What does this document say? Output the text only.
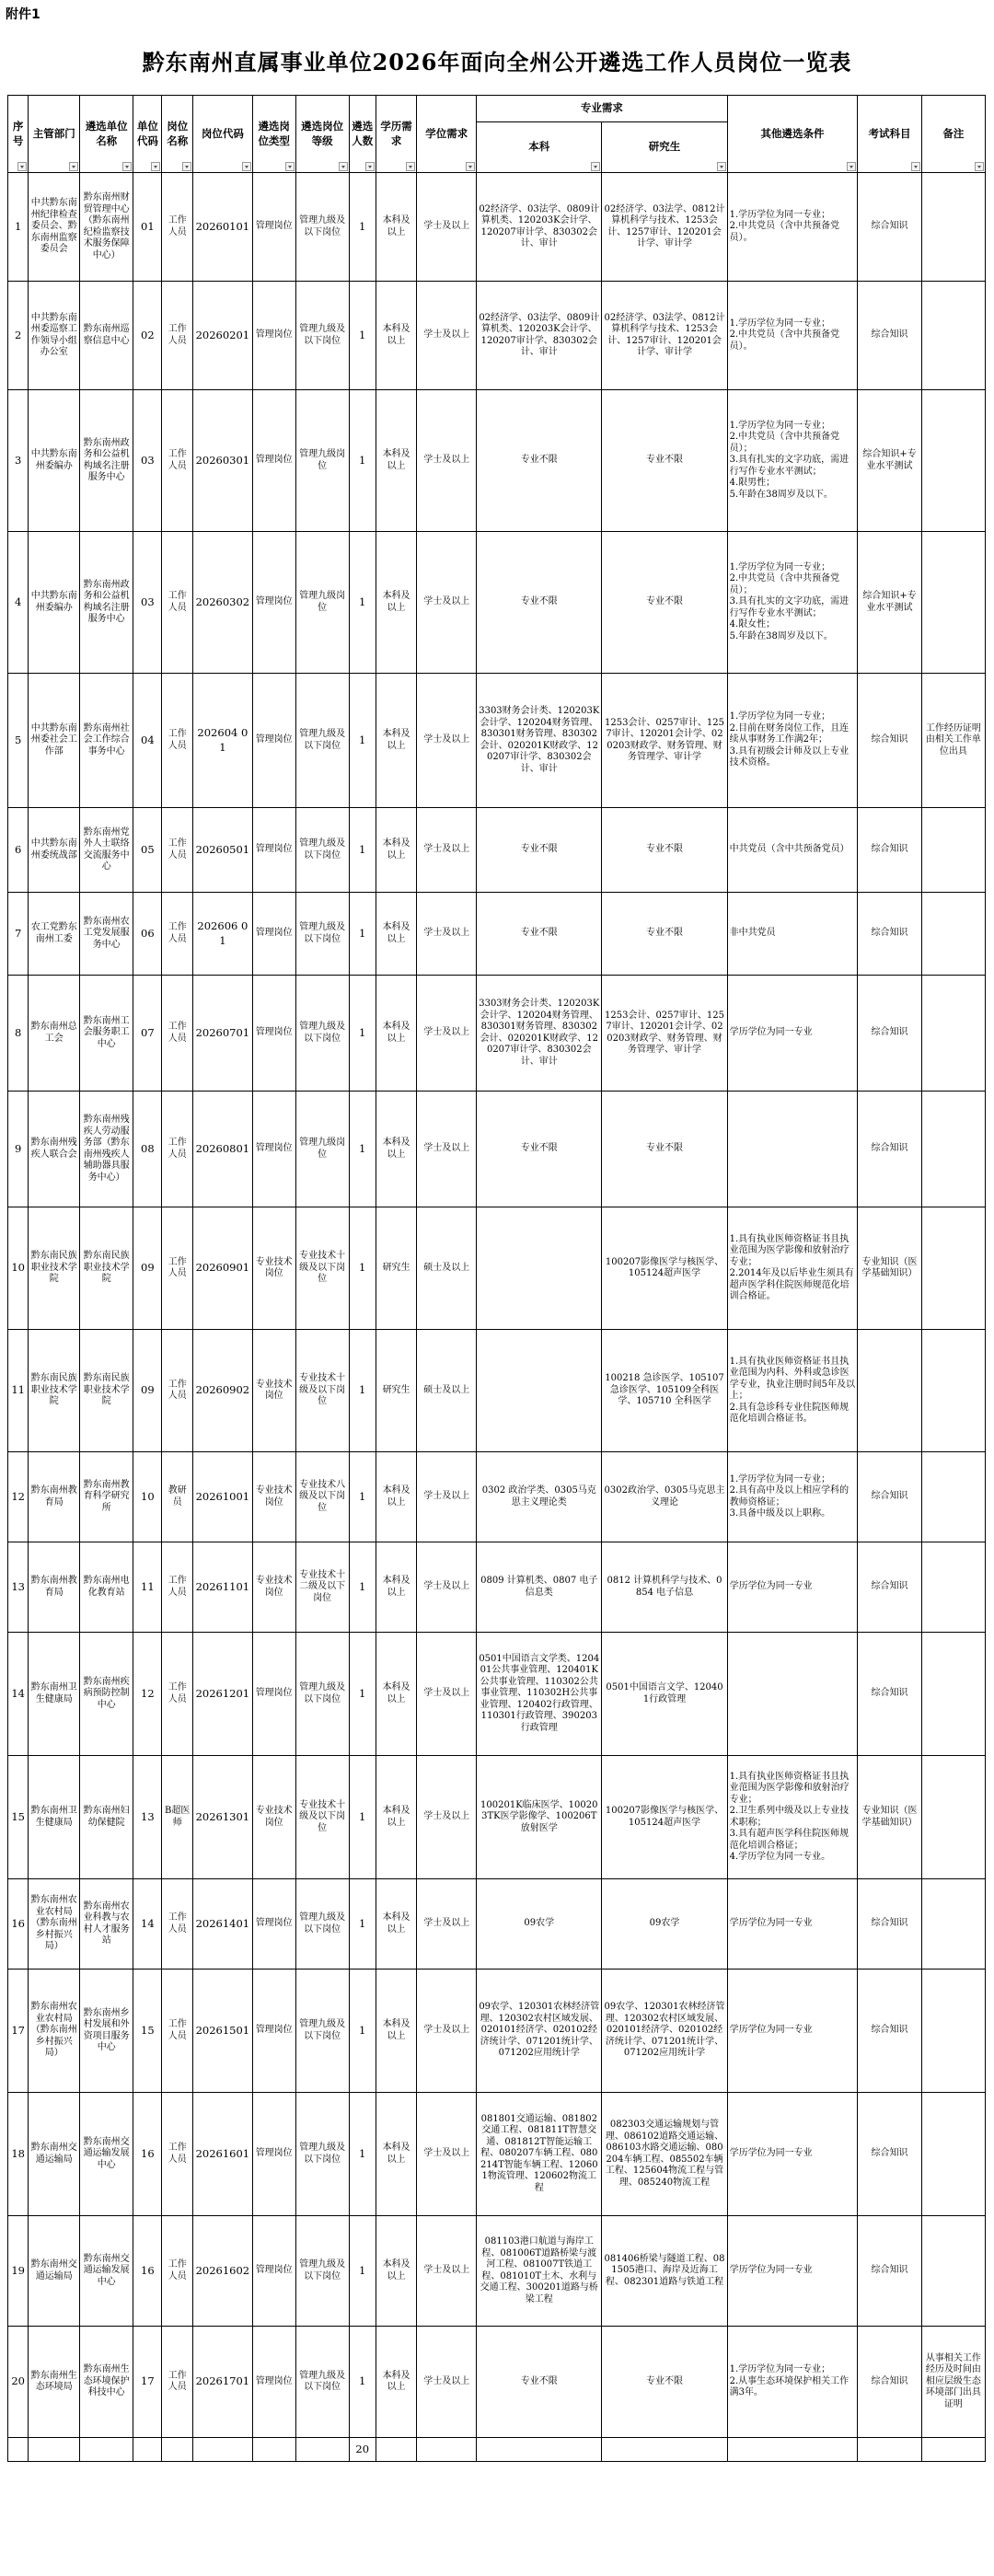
附件1
黔东南州直属事业单位2026年面向全州公开遴选工作人员岗位一览表
序号	主管部门	遴选单位名称	单位代码	岗位名称	岗位代码	遴选岗位类型	遴选岗位等级	遴选人数	学历需求	学位需求	专业需求		其他遴选条件	考试科目	备注

											本科	研究生			

1	中共黔东南州纪律检查委员会、黔东南州监察委员会	黔东南州财贸管理中心（黔东南州纪检监察技术服务保障中心）	01	工作人员	20260101	管理岗位	管理九级及以下岗位	1	本科及以上	学士及以上	02经济学、03法学、0809计算机类、120203K会计学、120207审计学、830302会计、审计	02经济学、03法学、0812计算机科学与技术、1253会计、1257审计、120201会计学、审计学	1.学历学位为同一专业；
2.中共党员（含中共预备党员）。	综合知识	
2	中共黔东南州委巡察工作领导小组办公室	黔东南州巡察信息中心	02	工作人员	20260201	管理岗位	管理九级及以下岗位	1	本科及以上	学士及以上	02经济学、03法学、0809计算机类、120203K会计学、120207审计学、830302会计、审计	02经济学、03法学、0812计算机科学与技术、1253会计、1257审计、120201会计学、审计学	1.学历学位为同一专业；
2.中共党员（含中共预备党员）。	综合知识	
3	中共黔东南州委编办	黔东南州政务和公益机构域名注册服务中心	03	工作人员	20260301	管理岗位	管理九级岗位	1	本科及以上	学士及以上	专业不限	专业不限	1.学历学位为同一专业；
2.中共党员（含中共预备党员）；
3.具有扎实的文字功底，需进行写作专业水平测试；
4.限男性；
5.年龄在38周岁及以下。	综合知识+专业水平测试	
4	中共黔东南州委编办	黔东南州政务和公益机构域名注册服务中心	03	工作人员	20260302	管理岗位	管理九级岗位	1	本科及以上	学士及以上	专业不限	专业不限	1.学历学位为同一专业；
2.中共党员（含中共预备党员）；
3.具有扎实的文字功底，需进行写作专业水平测试；
4.限女性；
5.年龄在38周岁及以下。	综合知识+专业水平测试	
5	中共黔东南州委社会工作部	黔东南州社会工作综合事务中心	04	工作人员	202604 01	管理岗位	管理九级及以下岗位	1	本科及以上	学士及以上	3303财务会计类、120203K会计学、120204财务管理、830301财务管理、830302会计、020201K财政学、120207审计学、830302会计、审计	1253会计、0257审计、1257审计、120201会计学、020203财政学、财务管理、财务管理学、审计学	1.学历学位为同一专业；
2.目前在财务岗位工作，且连续从事财务工作满2年；
3.具有初级会计师及以上专业技术资格。	综合知识	工作经历证明由相关工作单位出具
6	中共黔东南州委统战部	黔东南州党外人士联络交流服务中心	05	工作人员	20260501	管理岗位	管理九级及以下岗位	1	本科及以上	学士及以上	专业不限	专业不限	中共党员（含中共预备党员）	综合知识	
7	农工党黔东南州工委	黔东南州农工党发展服务中心	06	工作人员	202606 01	管理岗位	管理九级及以下岗位	1	本科及以上	学士及以上	专业不限	专业不限	非中共党员	综合知识	
8	黔东南州总工会	黔东南州工会服务职工中心	07	工作人员	20260701	管理岗位	管理九级及以下岗位	1	本科及以上	学士及以上	3303财务会计类、120203K会计学、120204财务管理、830301财务管理、830302会计、020201K财政学、120207审计学、830302会计、审计	1253会计、0257审计、1257审计、120201会计学、020203财政学、财务管理、财务管理学、审计学	学历学位为同一专业	综合知识	
9	黔东南州残疾人联合会	黔东南州残疾人劳动服务部（黔东南州残疾人辅助器具服务中心）	08	工作人员	20260801	管理岗位	管理九级岗位	1	本科及以上	学士及以上	专业不限	专业不限		综合知识	
10	黔东南民族职业技术学院	黔东南民族职业技术学院	09	工作人员	20260901	专业技术岗位	专业技术十级及以下岗位	1	研究生	硕士及以上		100207影像医学与核医学、105124超声医学	1.具有执业医师资格证书且执业范围为医学影像和放射治疗专业；
2.2014年及以后毕业生须具有超声医学科住院医师规范化培训合格证。	专业知识（医学基础知识）	
11	黔东南民族职业技术学院	黔东南民族职业技术学院	09	工作人员	20260902	专业技术岗位	专业技术十级及以下岗位	1	研究生	硕士及以上		100218 急诊医学、105107 急诊医学、105109全科医学、105710 全科医学	1.具有执业医师资格证书且执业范围为内科、外科或急诊医学专业，执业注册时间5年及以上；
2.具有急诊科专业住院医师规范化培训合格证书。		
12	黔东南州教育局	黔东南州教育科学研究所	10	教研员	20261001	专业技术岗位	专业技术八级及以下岗位	1	本科及以上	学士及以上	0302 政治学类、0305马克思主义理论类	0302政治学、0305马克思主义理论	1.学历学位为同一专业；
2.具有高中及以上相应学科的教师资格证；
3.具备中级及以上职称。	综合知识	
13	黔东南州教育局	黔东南州电化教育站	11	工作人员	20261101	专业技术岗位	专业技术十二级及以下岗位	1	本科及以上	学士及以上	0809 计算机类、0807 电子信息类	0812 计算机科学与技术、0854 电子信息	学历学位为同一专业	综合知识	
14	黔东南州卫生健康局	黔东南州疾病预防控制中心	12	工作人员	20261201	管理岗位	管理九级及以下岗位	1	本科及以上	学士及以上	0501中国语言文学类、120401公共事业管理、120401K公共事业管理、110302公共事业管理、110302H公共事业管理、120402行政管理、110301行政管理、390203行政管理	0501中国语言文学、120401行政管理		综合知识	
15	黔东南州卫生健康局	黔东南州妇幼保健院	13	B超医师	20261301	专业技术岗位	专业技术十级及以下岗位	1	本科及以上	学士及以上	100201K临床医学、100203TK医学影像学、100206T放射医学	100207影像医学与核医学、105124超声医学	1.具有执业医师资格证书且执业范围为医学影像和放射治疗专业；
2.卫生系列中级及以上专业技术职称；
3.具有超声医学科住院医师规范化培训合格证；
4.学历学位为同一专业。	专业知识（医学基础知识）	
16	黔东南州农业农村局（黔东南州乡村振兴局）	黔东南州农业科教与农村人才服务站	14	工作人员	20261401	管理岗位	管理九级及以下岗位	1	本科及以上	学士及以上	09农学	09农学	学历学位为同一专业	综合知识	
17	黔东南州农业农村局（黔东南州乡村振兴局）	黔东南州乡村发展和外资项目服务中心	15	工作人员	20261501	管理岗位	管理九级及以下岗位	1	本科及以上	学士及以上	09农学、120301农林经济管理、120302农村区域发展、020101经济学、020102经济统计学、071201统计学、071202应用统计学	09农学、120301农林经济管理、120302农村区域发展、020101经济学、020102经济统计学、071201统计学、071202应用统计学	学历学位为同一专业	综合知识	
18	黔东南州交通运输局	黔东南州交通运输发展中心	16	工作人员	20261601	管理岗位	管理九级及以下岗位	1	本科及以上	学士及以上	081801交通运输、081802交通工程、081811T智慧交通、081812T智能运输工程、080207车辆工程、080214T智能车辆工程、120601物流管理、120602物流工程	082303交通运输规划与管理、086102道路交通运输、086103水路交通运输、080204车辆工程、085502车辆工程、125604物流工程与管理、085240物流工程	学历学位为同一专业	综合知识	
19	黔东南州交通运输局	黔东南州交通运输发展中心	16	工作人员	20261602	管理岗位	管理九级及以下岗位	1	本科及以上	学士及以上	081103港口航道与海岸工程、081006T道路桥梁与渡河工程、081007T铁道工程、081010T土木、水利与交通工程、300201道路与桥梁工程	081406桥梁与隧道工程、081505港口、海岸及近海工程、082301道路与铁道工程	学历学位为同一专业	综合知识	
20	黔东南州生态环境局	黔东南州生态环境保护科技中心	17	工作人员	20261701	管理岗位	管理九级及以下岗位	1	本科及以上	学士及以上	专业不限	专业不限	1.学历学位为同一专业；
2.从事生态环境保护相关工作满3年。	综合知识	从事相关工作经历及时间由相应层级生态环境部门出具证明
								20							
